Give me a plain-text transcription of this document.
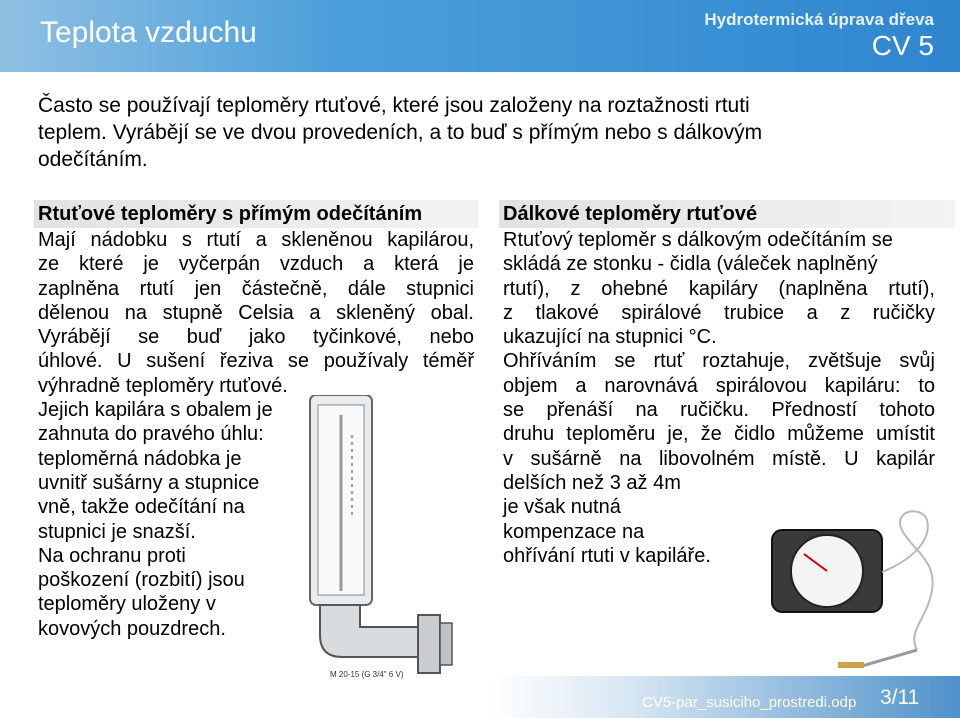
Teplota vzduchu	Hydrotermická úprava dřeva
CV 5
Často se používají teploměry rtuťové, které jsou založeny na roztažnosti rtuti
teplem. Vyrábějí se ve dvou provedeních, a to buď s přímým nebo s dálkovým
odečítáním.
Rtuťové teploměry s přímým odečítáním	Dálkové teploměry rtuťové
Mají nádobku s rtutí a skleněnou kapilárou,
ze které je vyčerpán vzduch a která je
zaplněna rtutí jen částečně, dále stupnici
dělenou na stupně Celsia a skleněný obal.
Vyrábějí se buď jako tyčinkové, nebo
úhlové. U sušení řeziva se používaly téměř
výhradně teploměry rtuťové.
Jejich kapilára s obalem je
zahnuta do pravého úhlu:
teploměrná nádobka je
uvnitř sušárny a stupnice
vně, takže odečítání na
stupnici je snazší.
Na ochranu proti
poškození (rozbití) jsou
teploměry uloženy v
kovových pouzdrech.
Rtuťový teploměr s dálkovým odečítáním se
skládá ze stonku - čidla (váleček naplněný
rtutí), z ohebné kapiláry (naplněna rtutí),
z tlakové spirálové trubice a z ručičky
ukazující na stupnici °C.
Ohříváním se rtuť roztahuje, zvětšuje svůj
objem a narovnává spirálovou kapiláru: to
se přenáší na ručičku. Předností tohoto
druhu teploměru je, že čidlo můžeme umístit
v sušárně na libovolném místě. U kapilár
delších než 3 až 4m
je však nutná
kompenzace na
ohřívání rtuti v kapiláře.
M 20-15 (G 3/4" 6 V)
CV5-par_susiciho_prostredi.odp 3/11
